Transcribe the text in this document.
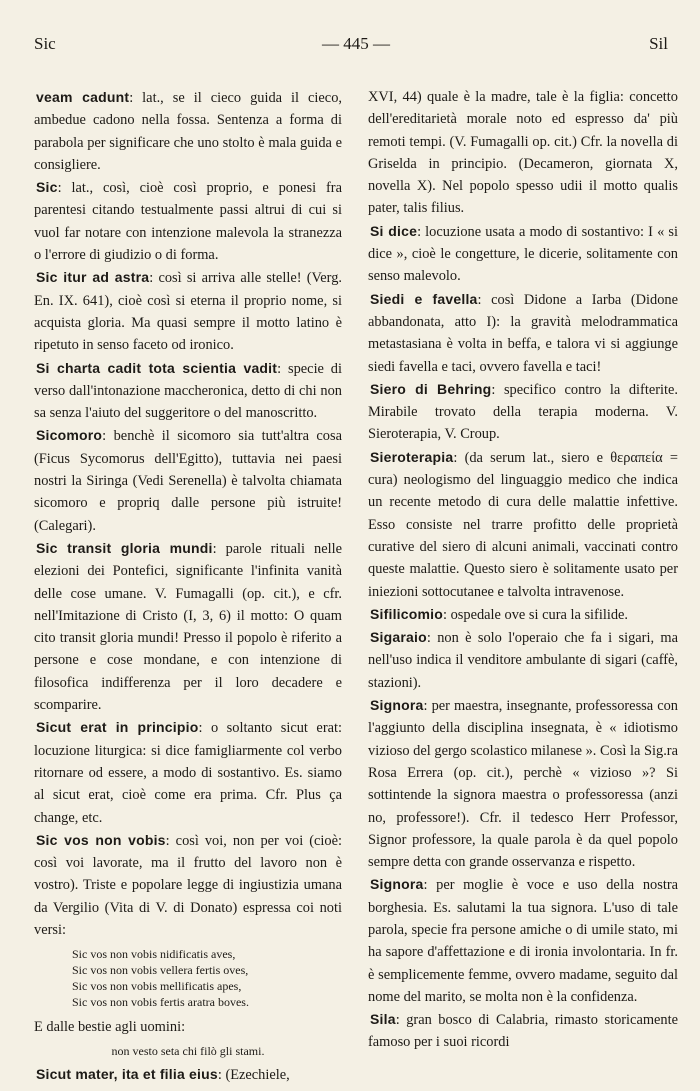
Sic	— 445 —	Sil

veam cadunt: lat., se il cieco guida il cieco, ambedue cadono nella fossa. Sentenza a forma di parabola per significare che uno stolto è mala guida e consigliere.

Sic: lat., così, cioè così proprio, e ponesi fra parentesi citando testualmente passi altrui di cui si vuol far notare con intenzione malevola la stranezza o l'errore di giudizio o di forma.

Sic itur ad astra: così si arriva alle stelle! (Verg. En. IX. 641), cioè così si eterna il proprio nome, si acquista gloria. Ma quasi sempre il motto latino è ripetuto in senso faceto od ironico.

Si charta cadit tota scientia vadit: specie di verso dall'intonazione maccheronica, detto di chi non sa senza l'aiuto del suggeritore o del manoscritto.

Sicomoro: benchè il sicomoro sia tutt'altra cosa (Ficus Sycomorus dell'Egitto), tuttavia nei paesi nostri la Siringa (Vedi Serenella) è talvolta chiamata sicomoro e propriq dalle persone più istruite! (Calegari).

Sic transit gloria mundi: parole rituali nelle elezioni dei Pontefici, significante l'infinita vanità delle cose umane. V. Fumagalli (op. cit.), e cfr. nell'Imitazione di Cristo (I, 3, 6) il motto: O quam cito transit gloria mundi! Presso il popolo è riferito a persone e cose mondane, e con intenzione di filosofica indifferenza per il loro decadere e scomparire.

Sicut erat in principio: o soltanto sicut erat: locuzione liturgica: si dice famigliarmente col verbo ritornare od essere, a modo di sostantivo. Es. siamo al sicut erat, cioè come era prima. Cfr. Plus ça change, etc.

Sic vos non vobis: così voi, non per voi (cioè: così voi lavorate, ma il frutto del lavoro non è vostro). Triste e popolare legge di ingiustizia umana da Vergilio (Vita di V. di Donato) espressa coi noti versi:

Sic vos non vobis nidificatis aves,
Sic vos non vobis vellera fertis oves,
Sic vos non vobis mellificatis apes,
Sic vos non vobis fertis aratra boves.

E dalle bestie agli uomini:

non vesto seta chi filò gli stami.

Sicut mater, ita et filia eius: (Ezechiele,

XVI, 44) quale è la madre, tale è la figlia: concetto dell'ereditarietà morale noto ed espresso da' più remoti tempi. (V. Fumagalli op. cit.) Cfr. la novella di Griselda in principio. (Decameron, giornata X, novella X). Nel popolo spesso udii il motto qualis pater, talis filius.

Si dice: locuzione usata a modo di sostantivo: I « si dice », cioè le congetture, le dicerie, solitamente con senso malevolo.

Siedi e favella: così Didone a Iarba (Didone abbandonata, atto I): la gravità melodrammatica metastasiana è volta in beffa, e talora vi si aggiunge siedi favella e taci, ovvero favella e taci!

Siero di Behring: specifico contro la difterite. Mirabile trovato della terapia moderna. V. Sieroterapia, V. Croup.

Sieroterapia: (da serum lat., siero e θεραπεία = cura) neologismo del linguaggio medico che indica un recente metodo di cura delle malattie infettive. Esso consiste nel trarre profitto delle proprietà curative del siero di alcuni animali, vaccinati contro queste malattie. Questo siero è solitamente usato per iniezioni sottocutanee e talvolta intravenose.

Sifilicomio: ospedale ove si cura la sifilide.

Sigaraio: non è solo l'operaio che fa i sigari, ma nell'uso indica il venditore ambulante di sigari (caffè, stazioni).

Signora: per maestra, insegnante, professoressa con l'aggiunto della disciplina insegnata, è « idiotismo vizioso del gergo scolastico milanese ». Così la Sig.ra Rosa Errera (op. cit.), perchè « vizioso »? Si sottintende la signora maestra o professoressa (anzi no, professore!). Cfr. il tedesco Herr Professor, Signor professore, la quale parola è da quel popolo sempre detta con grande osservanza e rispetto.

Signora: per moglie è voce e uso della nostra borghesia. Es. salutami la tua signora. L'uso di tale parola, specie fra persone amiche o di umile stato, mi ha sapore d'affettazione e di ironia involontaria. In fr. è semplicemente femme, ovvero madame, seguito dal nome del marito, se molta non è la confidenza.

Sila: gran bosco di Calabria, rimasto storicamente famoso per i suoi ricordi
